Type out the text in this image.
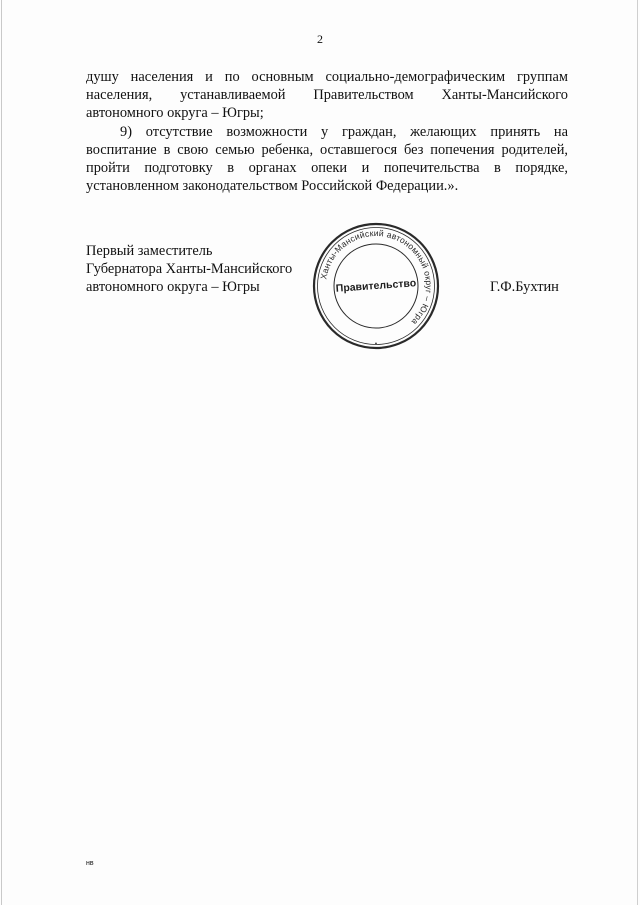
2

душу населения и по основным социально-демографическим группам населения, устанавливаемой Правительством Ханты-Мансийского автономного округа – Югры;

9) отсутствие возможности у граждан, желающих принять на воспитание в свою семью ребенка, оставшегося без попечения родителей, пройти подготовку в органах опеки и попечительства в порядке, установленном законодательством Российской Федерации.».

Первый заместитель
Губернатора Ханты-Мансийского
автономного округа – Югры
Ханты-Мансийский автономный округ – Югра
Правительство
•
Г.Ф.Бухтин
нв
